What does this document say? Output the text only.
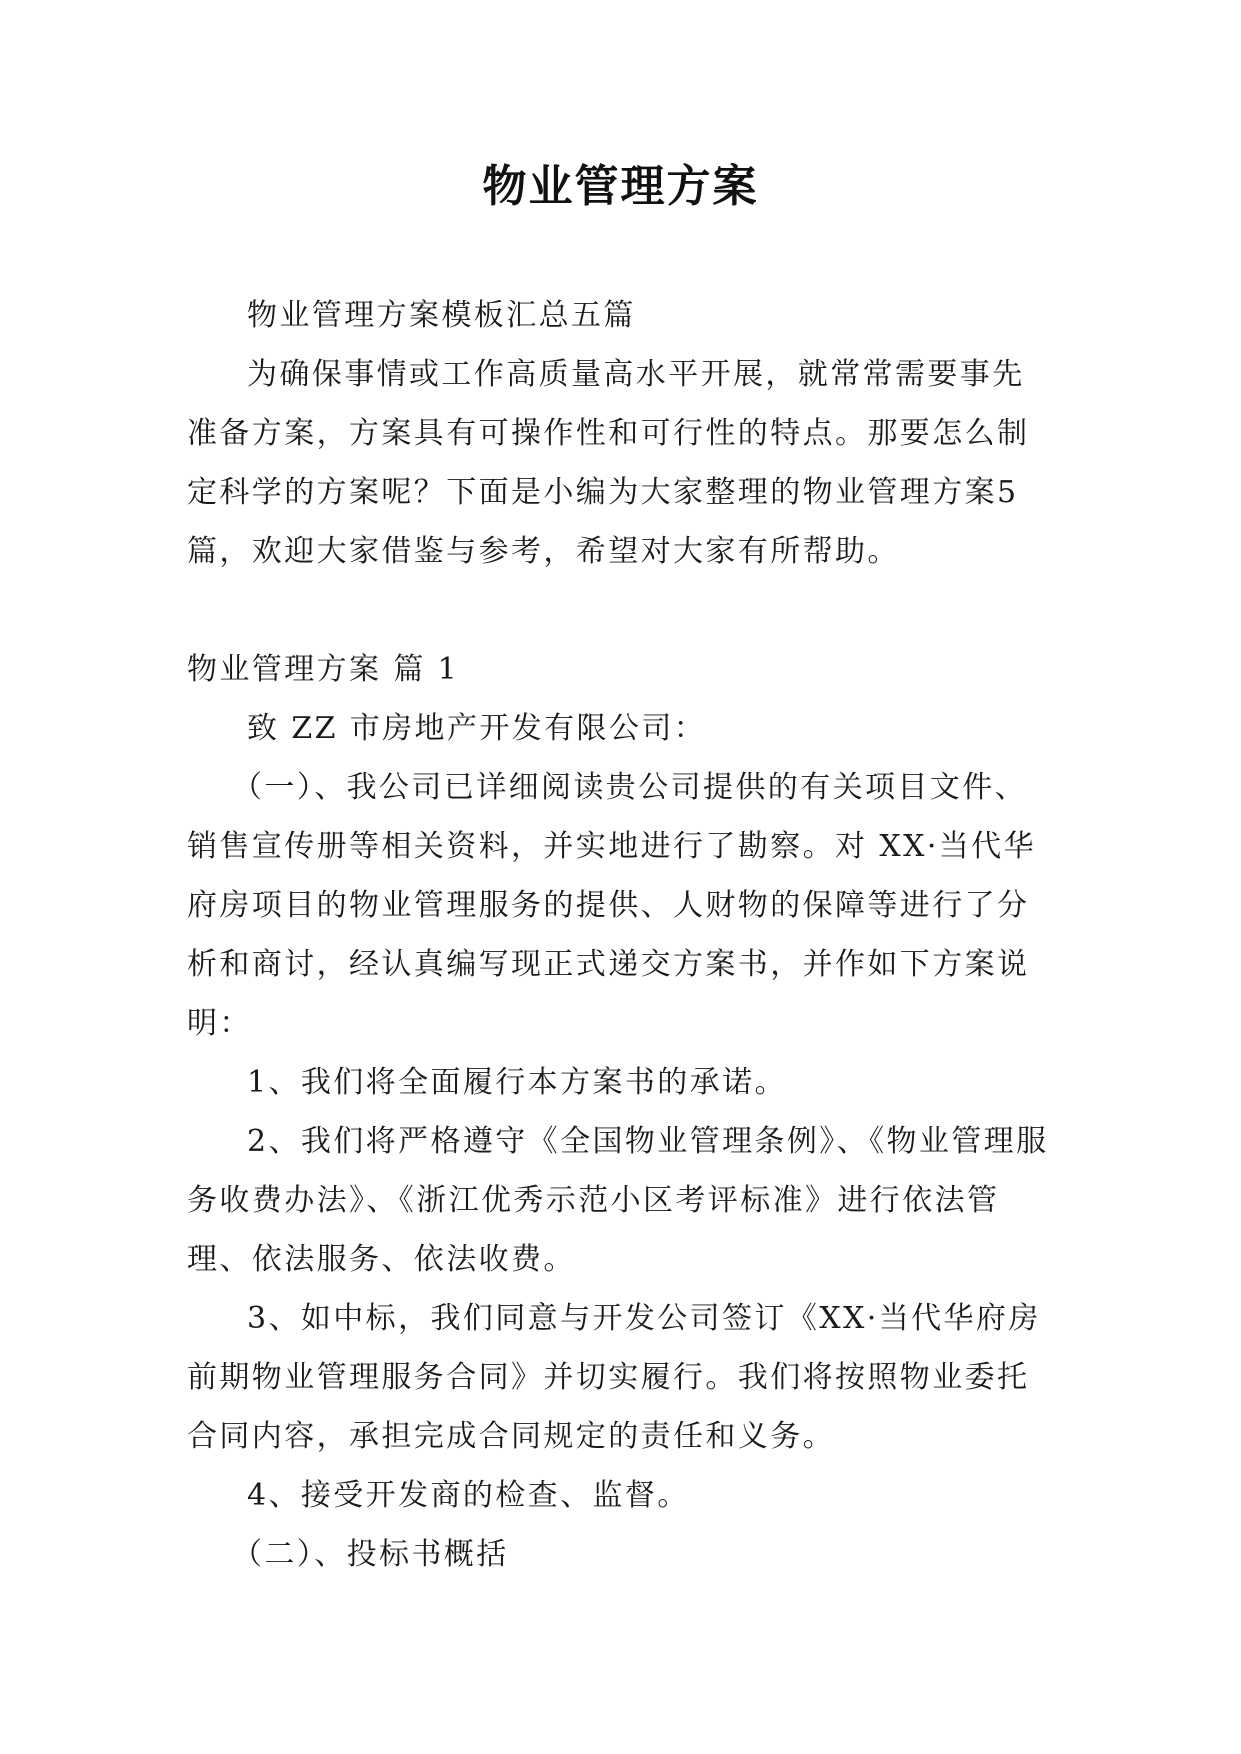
物业管理方案

物业管理方案模板汇总五篇

为确保事情或工作高质量高水平开展，就常常需要事先准备方案，方案具有可操作性和可行性的特点。那要怎么制定科学的方案呢？下面是小编为大家整理的物业管理方案5篇，欢迎大家借鉴与参考，希望对大家有所帮助。

物业管理方案 篇 1

致 ZZ 市房地产开发有限公司：

（一）、我公司已详细阅读贵公司提供的有关项目文件、销售宣传册等相关资料，并实地进行了勘察。对 XX·当代华府房项目的物业管理服务的提供、人财物的保障等进行了分析和商讨，经认真编写现正式递交方案书，并作如下方案说明：

1、我们将全面履行本方案书的承诺。

2、我们将严格遵守《全国物业管理条例》、《物业管理服务收费办法》、《浙江优秀示范小区考评标准》进行依法管理、依法服务、依法收费。

3、如中标，我们同意与开发公司签订《XX·当代华府房前期物业管理服务合同》并切实履行。我们将按照物业委托合同内容，承担完成合同规定的责任和义务。

4、接受开发商的检查、监督。

（二）、投标书概括
